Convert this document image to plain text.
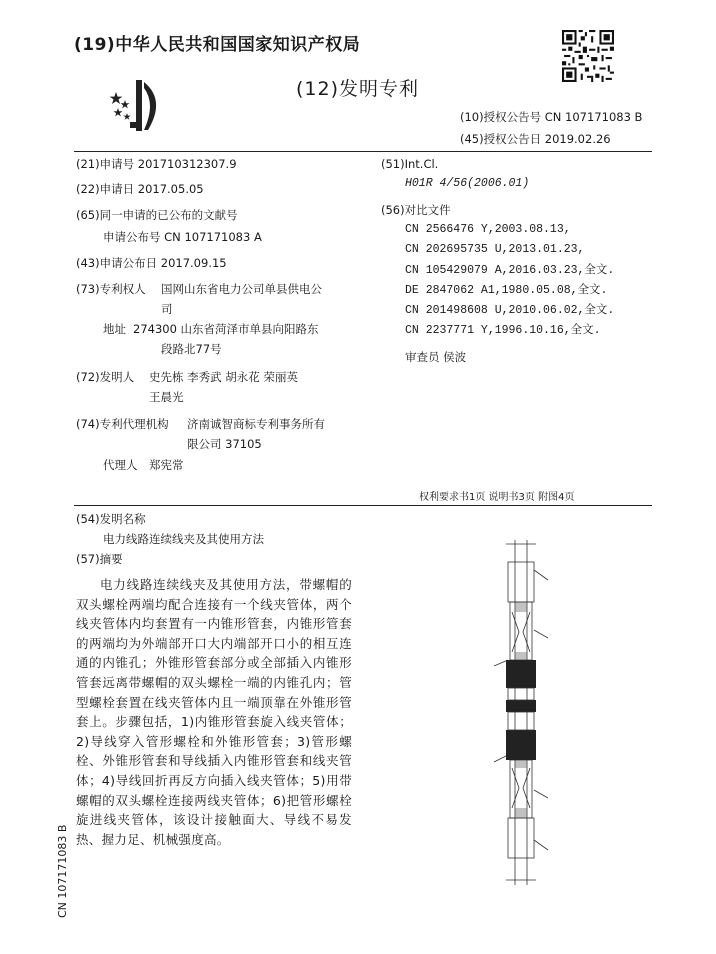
(19)中华人民共和国国家知识产权局
(12)发明专利
(10)授权公告号 CN 107171083 B
(45)授权公告日 2019.02.26
(21)申请号 201710312307.9
(22)申请日 2017.05.05
(65)同一申请的已公布的文献号
申请公布号 CN 107171083 A
(43)申请公布日 2017.09.15
(73)专利权人 国网山东省电力公司单县供电公
司
地址 274300 山东省菏泽市单县向阳路东
段路北77号
(72)发明人 史先栋 李秀武 胡永花 荣丽英
王晨光
(74)专利代理机构 济南诚智商标专利事务所有
限公司 37105
代理人 郑宪常
(51)Int.Cl.
H01R 4/56(2006.01)
(56)对比文件
CN 2566476 Y,2003.08.13,
CN 202695735 U,2013.01.23,
CN 105429079 A,2016.03.23,全文.
DE 2847062 A1,1980.05.08,全文.
CN 201498608 U,2010.06.02,全文.
CN 2237771 Y,1996.10.16,全文.
审查员 侯波
权利要求书1页 说明书3页 附图4页
(54)发明名称
电力线路连续线夹及其使用方法
(57)摘要

电力线路连续线夹及其使用方法，带螺帽的双头螺栓两端均配合连接有一个线夹管体，两个线夹管体内均套置有一内锥形管套，内锥形管套的两端均为外端部开口大内端部开口小的相互连通的内锥孔；外锥形管套部分或全部插入内锥形管套远离带螺帽的双头螺栓一端的内锥孔内；管型螺栓套置在线夹管体内且一端顶靠在外锥形管套上。步骤包括，1)内锥形管套旋入线夹管体；2)导线穿入管形螺栓和外锥形管套；3)管形螺栓、外锥形管套和导线插入内锥形管套和线夹管体；4)导线回折再反方向插入线夹管体；5)用带螺帽的双头螺栓连接两线夹管体；6)把管形螺栓旋进线夹管体，该设计接触面大、导线不易发热、握力足、机械强度高。

CN 107171083 B
